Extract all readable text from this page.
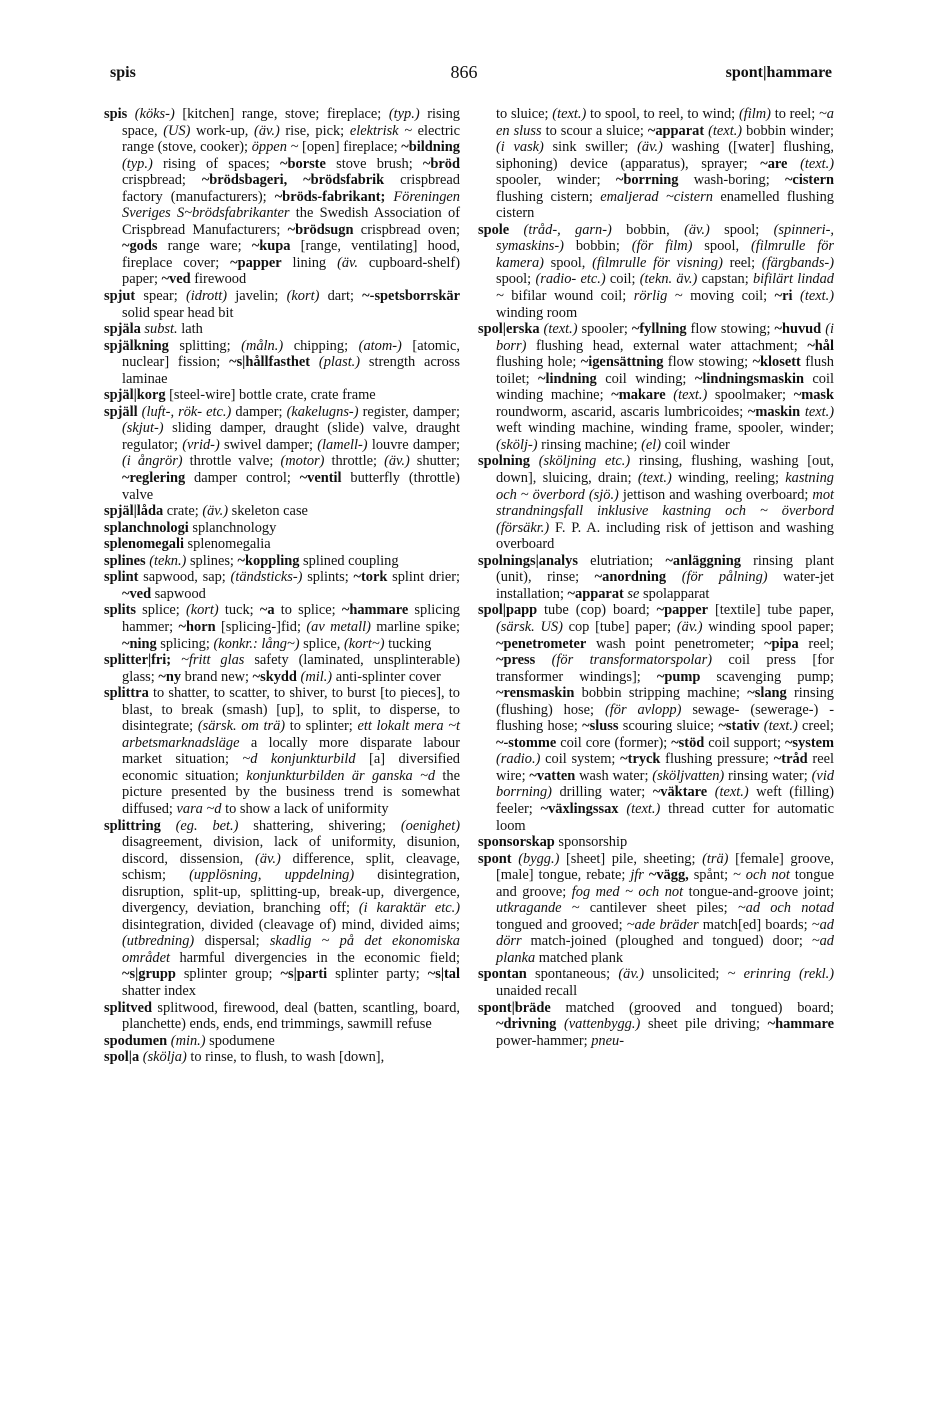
spis	866	spont|hammare
spis (köks-) [kitchen] range, stove; fireplace; (typ.) rising space, (US) work-up, (äv.) rise, pick; elektrisk ~ electric range (stove, cooker); öppen ~ [open] fireplace; ~bildning (typ.) rising of spaces; ~borste stove brush; ~bröd crispbread; ~brödsbageri, ~brödsfabrik crispbread factory (manufacturers); ~bröds-fabrikant; Föreningen Sveriges S~brödsfabrikanter the Swedish Association of Crispbread Manufacturers; ~brödsugn crispbread oven; ~gods range ware; ~kupa [range, ventilating] hood, fireplace cover; ~papper lining (äv. cupboard-shelf) paper; ~ved firewood
spjut spear; (idrott) javelin; (kort) dart; ~-spetsborrskär solid spear head bit
spjäla subst. lath
spjälkning splitting; (måln.) chipping; (atom-) [atomic, nuclear] fission; ~s|hållfasthet (plast.) strength across laminae
spjäl|korg [steel-wire] bottle crate, crate frame
spjäll (luft-, rök- etc.) damper; (kakelugns-) register, damper; (skjut-) sliding damper, draught (slide) valve, draught regulator; (vrid-) swivel damper; (lamell-) louvre damper; (i ångrör) throttle valve; (motor) throttle; (äv.) shutter; ~reglering damper control; ~ventil butterfly (throttle) valve
spjäl|låda crate; (äv.) skeleton case
splanchnologi splanchnology
splenomegali splenomegalia
splines (tekn.) splines; ~koppling splined coupling
splint sapwood, sap; (tändsticks-) splints; ~tork splint drier; ~ved sapwood
splits splice; (kort) tuck; ~a to splice; ~hammare splicing hammer; ~horn [splicing-]fid; (av metall) marline spike; ~ning splicing; (konkr.: lång~) splice, (kort~) tucking
splitter|fri; ~fritt glas safety (laminated, unsplinterable) glass; ~ny brand new; ~skydd (mil.) anti-splinter cover
splittra to shatter, to scatter, to shiver, to burst [to pieces], to blast, to break (smash) [up], to split, to disperse, to disintegrate; (särsk. om trä) to splinter; ett lokalt mera ~t arbetsmarknadsläge a locally more disparate labour market situation; ~d konjunkturbild [a] diversified economic situation; konjunkturbilden är ganska ~d the picture presented by the business trend is somewhat diffused; vara ~d to show a lack of uniformity
splittring (eg. bet.) shattering, shivering; (oenighet) disagreement, division, lack of uniformity, disunion, discord, dissension, (äv.) difference, split, cleavage, schism; (upplösning, uppdelning) disintegration, disruption, split-up, splitting-up, break-up, divergence, divergency, deviation, branching off; (i karaktär etc.) disintegration, divided (cleavage of) mind, divided aims; (utbredning) dispersal; skadlig ~ på det ekonomiska området harmful divergencies in the economic field; ~s|grupp splinter group; ~s|parti splinter party; ~s|tal shatter index
splitved splitwood, firewood, deal (batten, scantling, board, planchette) ends, ends, end trimmings, sawmill refuse
spodumen (min.) spodumene
spol|a (skölja) to rinse, to flush, to wash [down],
to sluice; (text.) to spool, to reel, to wind; (film) to reel; ~a en sluss to scour a sluice; ~apparat (text.) bobbin winder; (i vask) sink swiller; (äv.) washing ([water] flushing, siphoning) device (apparatus), sprayer; ~are (text.) spooler, winder; ~borrning wash-boring; ~cistern flushing cistern; emaljerad ~cistern enamelled flushing cistern
spole (tråd-, garn-) bobbin, (äv.) spool; (spinneri-, symaskins-) bobbin; (för film) spool, (filmrulle för kamera) spool, (filmrulle för visning) reel; (färgbands-) spool; (radio- etc.) coil; (tekn. äv.) capstan; bifilärt lindad ~ bifilar wound coil; rörlig ~ moving coil; ~ri (text.) winding room
spol|erska (text.) spooler; ~fyllning flow stowing; ~huvud (i borr) flushing head, external water attachment; ~hål flushing hole; ~igensättning flow stowing; ~klosett flush toilet; ~lindning coil winding; ~lindningsmaskin coil winding machine; ~makare (text.) spoolmaker; ~mask roundworm, ascarid, ascaris lumbricoides; ~maskin text.) weft winding machine, winding frame, spooler, winder; (skölj-) rinsing machine; (el) coil winder
spolning (sköljning etc.) rinsing, flushing, washing [out, down], sluicing, drain; (text.) winding, reeling; kastning och ~ överbord (sjö.) jettison and washing overboard; mot strandningsfall inklusive kastning och ~ överbord (försäkr.) F. P. A. including risk of jettison and washing overboard
spolnings|analys elutriation; ~anläggning rinsing plant (unit), rinse; ~anordning (för pålning) water-jet installation; ~apparat se spolapparat
spol|papp tube (cop) board; ~papper [textile] tube paper, (särsk. US) cop [tube] paper; (äv.) winding spool paper; ~penetrometer wash point penetrometer; ~pipa reel; ~press (för transformatorspolar) coil press [for transformer windings]; ~pump scavenging pump; ~rensmaskin bobbin stripping machine; ~slang rinsing (flushing) hose; (för avlopp) sewage- (sewerage-) -flushing hose; ~sluss scouring sluice; ~stativ (text.) creel; ~-stomme coil core (former); ~stöd coil support; ~system (radio.) coil system; ~tryck flushing pressure; ~tråd reel wire; ~vatten wash water; (sköljvatten) rinsing water; (vid borrning) drilling water; ~väktare (text.) weft (filling) feeler; ~växlingssax (text.) thread cutter for automatic loom
sponsorskap sponsorship
spont (bygg.) [sheet] pile, sheeting; (trä) [female] groove, [male] tongue, rebate; jfr ~vägg, spånt; ~ och not tongue and groove; fog med ~ och not tongue-and-groove joint; utkragande ~ cantilever sheet piles; ~ad och notad tongued and grooved; ~ade bräder match[ed] boards; ~ad dörr match-joined (ploughed and tongued) door; ~ad planka matched plank
spontan spontaneous; (äv.) unsolicited; ~ erinring (rekl.) unaided recall
spont|bräde matched (grooved and tongued) board; ~drivning (vattenbygg.) sheet pile driving; ~hammare power-hammer; pneu-
